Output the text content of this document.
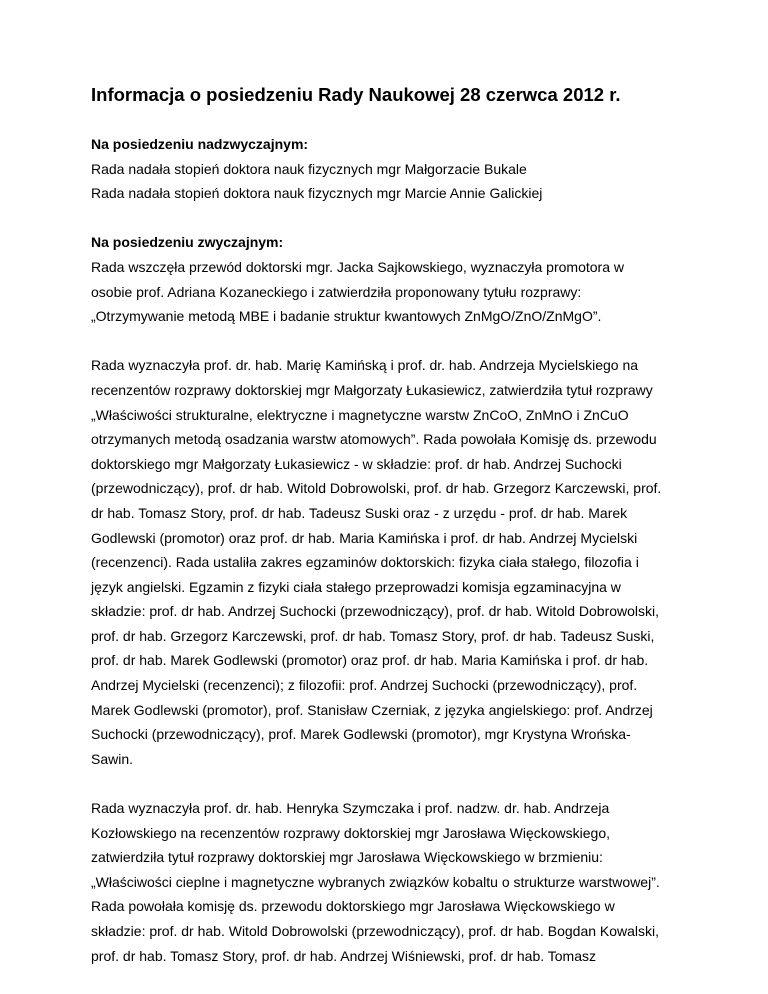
Informacja o posiedzeniu Rady Naukowej 28 czerwca 2012 r.

Na posiedzeniu nadzwyczajnym:

Rada nadała stopień doktora nauk fizycznych mgr Małgorzacie Bukale

Rada nadała stopień doktora nauk fizycznych mgr Marcie Annie Galickiej

Na posiedzeniu zwyczajnym:

Rada wszczęła przewód doktorski mgr. Jacka Sajkowskiego, wyznaczyła promotora w

osobie prof. Adriana Kozaneckiego i zatwierdziła proponowany tytułu rozprawy:

„Otrzymywanie metodą MBE i badanie struktur kwantowych ZnMgO/ZnO/ZnMgO”.

Rada wyznaczyła prof. dr. hab. Marię Kamińską i prof. dr. hab. Andrzeja Mycielskiego na

recenzentów rozprawy doktorskiej mgr Małgorzaty Łukasiewicz, zatwierdziła tytuł rozprawy

„Właściwości strukturalne, elektryczne i magnetyczne warstw ZnCoO, ZnMnO i ZnCuO

otrzymanych metodą osadzania warstw atomowych”. Rada powołała Komisję ds. przewodu

doktorskiego mgr Małgorzaty Łukasiewicz - w składzie: prof. dr hab. Andrzej Suchocki

(przewodniczący), prof. dr hab. Witold Dobrowolski, prof. dr hab. Grzegorz Karczewski, prof.

dr hab. Tomasz Story, prof. dr hab. Tadeusz Suski oraz - z urzędu - prof. dr hab. Marek

Godlewski (promotor) oraz prof. dr hab. Maria Kamińska i prof. dr hab. Andrzej Mycielski

(recenzenci). Rada ustaliła zakres egzaminów doktorskich: fizyka ciała stałego, filozofia i

język angielski. Egzamin z fizyki ciała stałego przeprowadzi komisja egzaminacyjna w

składzie: prof. dr hab. Andrzej Suchocki (przewodniczący), prof. dr hab. Witold Dobrowolski,

prof. dr hab. Grzegorz Karczewski, prof. dr hab. Tomasz Story, prof. dr hab. Tadeusz Suski,

prof. dr hab. Marek Godlewski (promotor) oraz prof. dr hab. Maria Kamińska i prof. dr hab.

Andrzej Mycielski (recenzenci); z filozofii: prof. Andrzej Suchocki (przewodniczący), prof.

Marek Godlewski (promotor), prof. Stanisław Czerniak, z języka angielskiego: prof. Andrzej

Suchocki (przewodniczący), prof. Marek Godlewski (promotor), mgr Krystyna Wrońska-

Sawin.

Rada wyznaczyła prof. dr. hab. Henryka Szymczaka i prof. nadzw. dr. hab. Andrzeja

Kozłowskiego na recenzentów rozprawy doktorskiej mgr Jarosława Więckowskiego,

zatwierdziła tytuł rozprawy doktorskiej mgr Jarosława Więckowskiego w brzmieniu:

„Właściwości cieplne i magnetyczne wybranych związków kobaltu o strukturze warstwowej”.

Rada powołała komisję ds. przewodu doktorskiego mgr Jarosława Więckowskiego w

składzie: prof. dr hab. Witold Dobrowolski (przewodniczący), prof. dr hab. Bogdan Kowalski,

prof. dr hab. Tomasz Story, prof. dr hab. Andrzej Wiśniewski, prof. dr hab. Tomasz
